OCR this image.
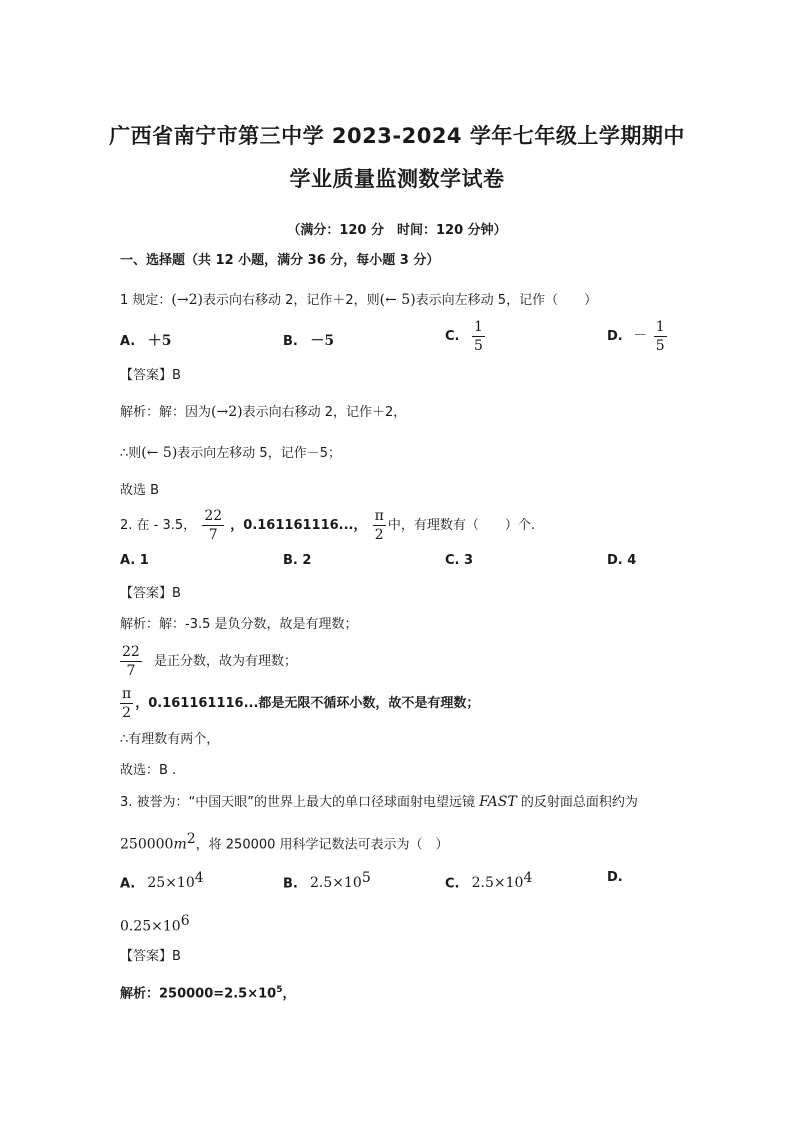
广西省南宁市第三中学 2023-2024 学年七年级上学期期中
学业质量监测数学试卷
（满分：120 分　时间：120 分钟）
一、选择题（共 12 小题，满分 36 分，每小题 3 分）
1 规定：(→2)表示向右移动 2，记作＋2，则(← 5)表示向左移动 5，记作（　　）
A. ＋5	B. －5	C. $\frac{1}{5}$	D. － $\frac{1}{5}$
【答案】B
解析：解：因为(→2)表示向右移动 2，记作＋2，
∴则(← 5)表示向左移动 5，记作－5；
故选 B
2. 在 - 3.5， $\frac{22}{7}$ ，0.161161116...， $\frac{\pi}{2}$ 中，有理数有（　　）个.
A. 1	B. 2	C. 3	D. 4
【答案】B
解析：解：-3.5 是负分数，故是有理数；
$\frac{22}{7}$ 是正分数，故为有理数；
$\frac{\pi}{2}$ ，0.161161116...都是无限不循环小数，故不是有理数；
∴有理数有两个，
故选：B .
3. 被誉为：“中国天眼”的世界上最大的单口径球面射电望远镜 FAST 的反射面总面积约为
$250000m^2$，将 250000 用科学记数法可表示为（　）
A. $25\times 10^4$	B. $2.5\times 10^5$	C. $2.5\times 10^4$	D.
$0.25\times 10^6$
【答案】B
解析：$250000=2.5\times 10^5$，
